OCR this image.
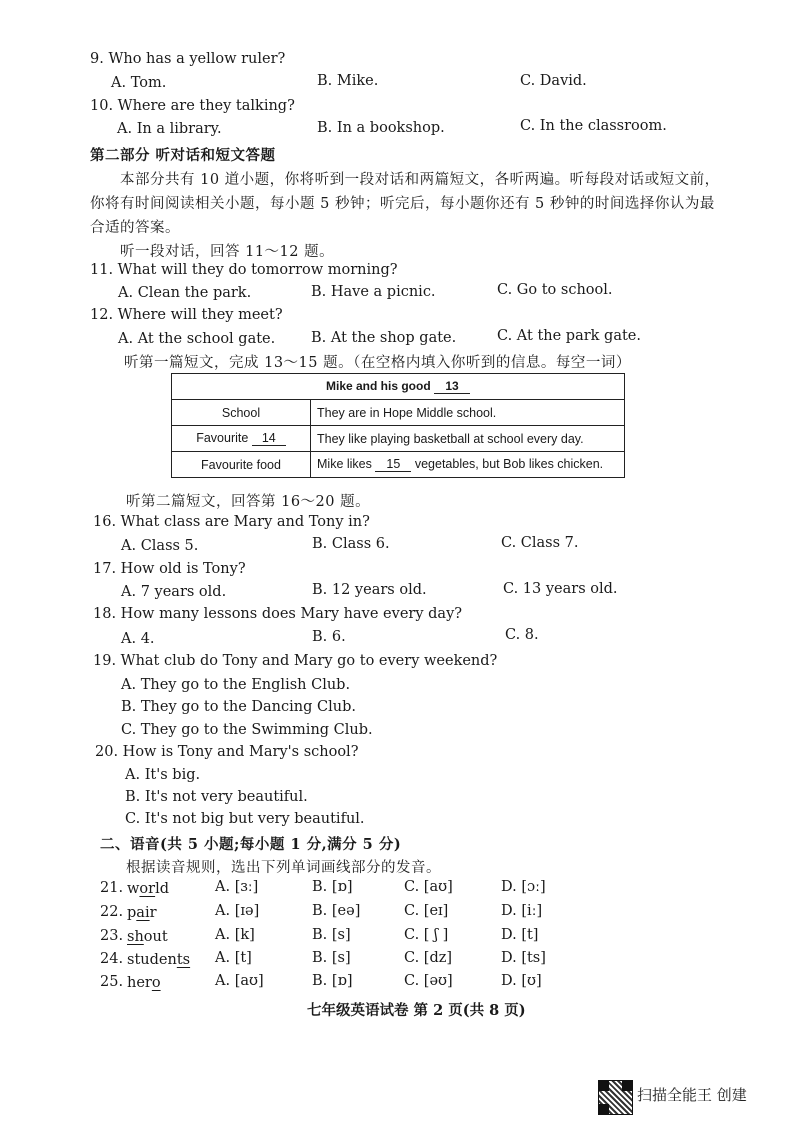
9. Who has a yellow ruler?
A. Tom.	B. Mike.	C. David.
10. Where are they talking?
A. In a library.	B. In a bookshop.	C. In the classroom.
第二部分 听对话和短文答题
本部分共有 10 道小题，你将听到一段对话和两篇短文，各听两遍。听每段对话或短文前，
你将有时间阅读相关小题，每小题 5 秒钟；听完后，每小题你还有 5 秒钟的时间选择你认为最
合适的答案。
听一段对话，回答 11～12 题。
11. What will they do tomorrow morning?
A. Clean the park.	B. Have a picnic.	C. Go to school.
12. Where will they meet?
A. At the school gate. B. At the shop gate.	C. At the park gate.
听第一篇短文，完成 13～15 题。（在空格内填入你听到的信息。每空一词）
Mike and his good 13	
School	They are in Hope Middle school.
Favourite 14	They like playing basketball at school every day.
Favourite food	Mike likes 15 vegetables, but Bob likes chicken.
听第二篇短文，回答第 16～20 题。
16. What class are Mary and Tony in?
A. Class 5.	B. Class 6.	C. Class 7.
17. How old is Tony?
A. 7 years old.	B. 12 years old.	C. 13 years old.
18. How many lessons does Mary have every day?
A. 4.	B. 6.	C. 8.
19. What club do Tony and Mary go to every weekend?
A. They go to the English Club.
B. They go to the Dancing Club.
C. They go to the Swimming Club.
20. How is Tony and Mary's school?
A. It's big.
B. It's not very beautiful.
C. It's not big but very beautiful.
二、语音(共 5 小题;每小题 1 分,满分 5 分)
根据读音规则，选出下列单词画线部分的发音。
21. world	A. [ɜː]	B. [ɒ]	C. [aʊ]	D. [ɔː]
22. pair	A. [ɪə]	B. [eə]	C. [eɪ]	D. [iː]
23. shout	A. [k]	B. [s]	C. [ ʃ ]	D. [t]
24. students A. [t]	B. [s]	C. [dz]	D. [ts]
25. hero	A. [aʊ]	B. [ɒ]	C. [əʊ]	D. [ʊ]
七年级英语试卷 第 2 页(共 8 页)
扫描全能王 创建
